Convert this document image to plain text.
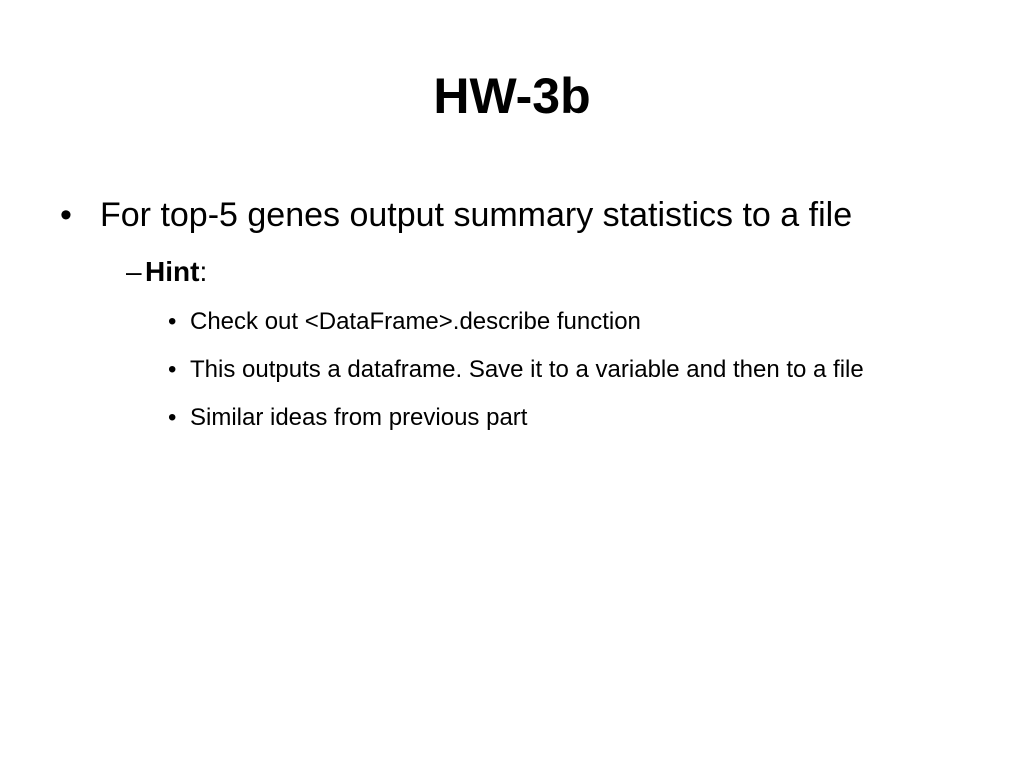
HW-3b
• For top-5 genes output summary statistics to a file
– Hint:
• Check out <DataFrame>.describe function
• This outputs a dataframe. Save it to a variable and then to a file
• Similar ideas from previous part
